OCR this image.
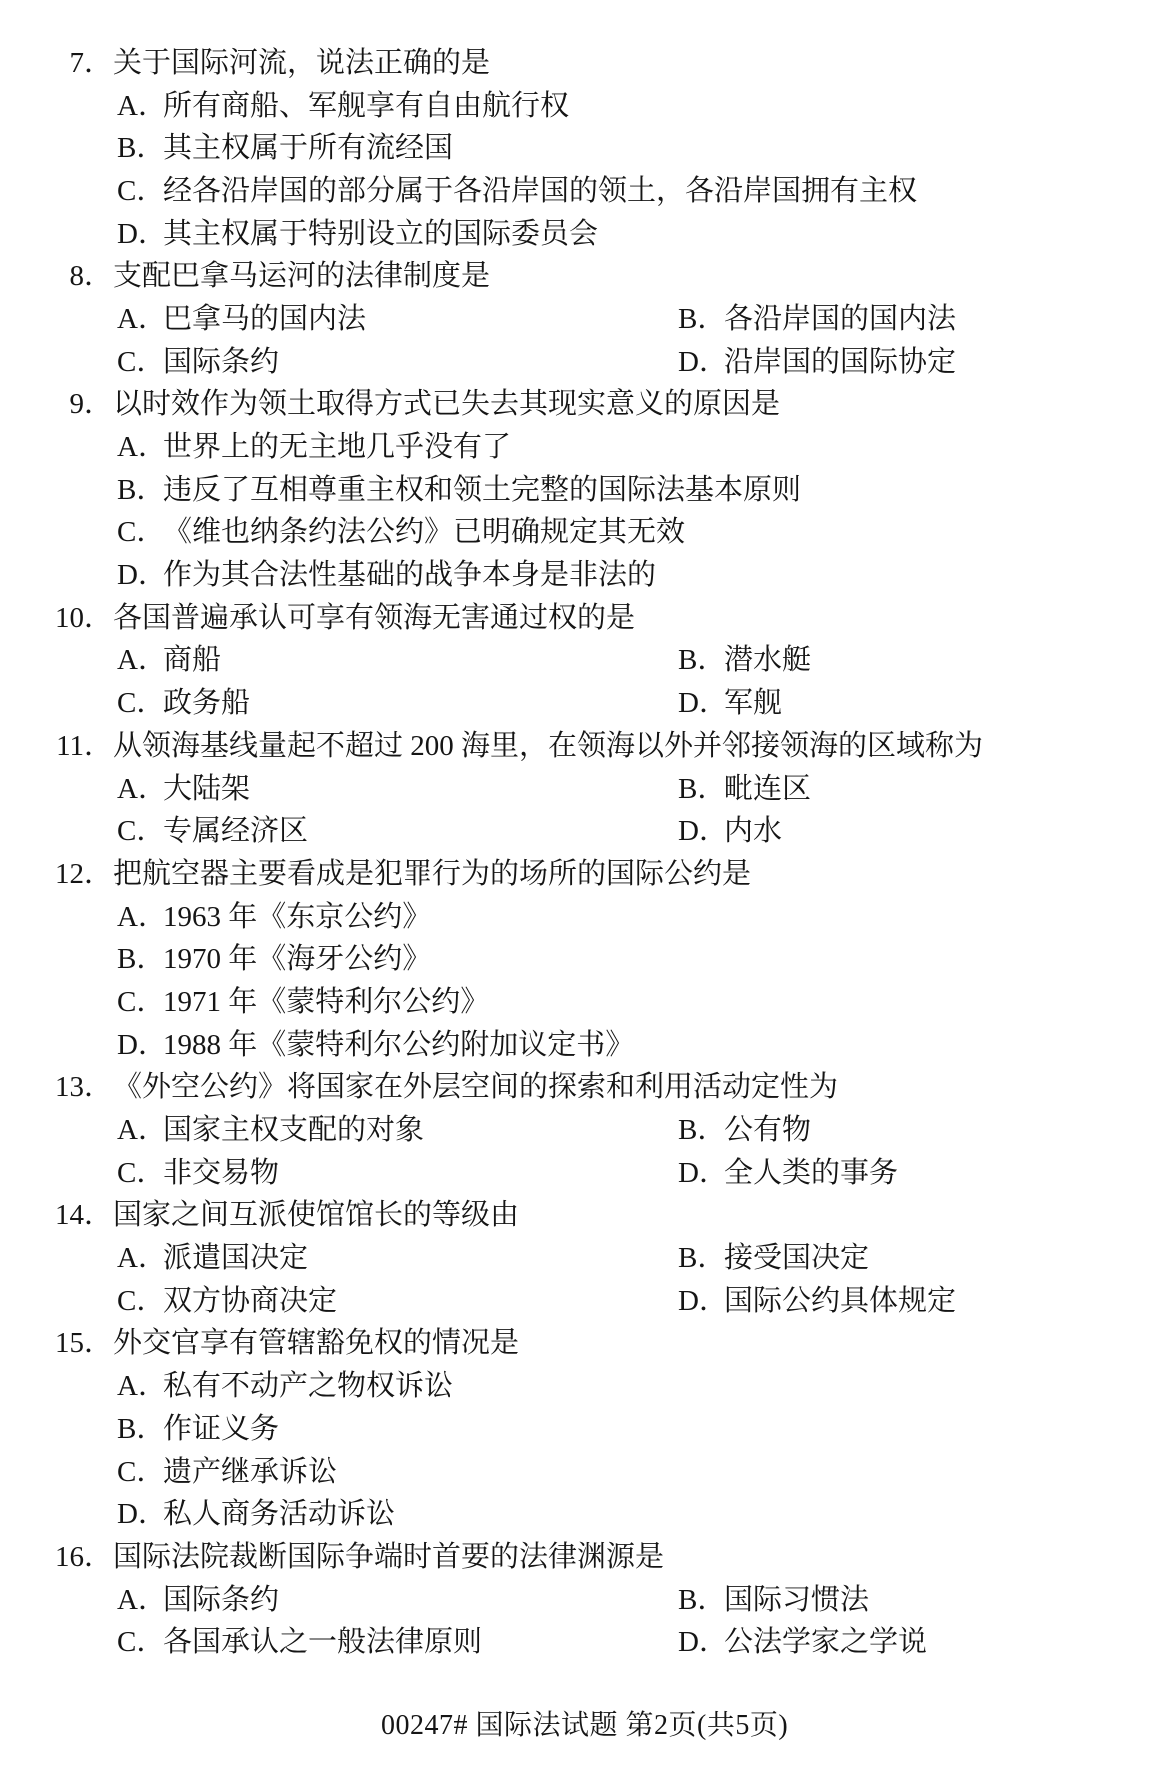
7． 关于国际河流，说法正确的是
A．
所有商船、军舰享有自由航行权
B．
其主权属于所有流经国
C．
经各沿岸国的部分属于各沿岸国的领土，各沿岸国拥有主权
D．
其主权属于特别设立的国际委员会
8． 支配巴拿马运河的法律制度是
A．
巴拿马的国内法	B．
各沿岸国的国内法
C．
国际条约	D．
沿岸国的国际协定
9． 以时效作为领土取得方式已失去其现实意义的原因是
A．
世界上的无主地几乎没有了
B．
违反了互相尊重主权和领土完整的国际法基本原则
C．
《维也纳条约法公约》已明确规定其无效
D．
作为其合法性基础的战争本身是非法的
10． 各国普遍承认可享有领海无害通过权的是
A．
商船	B．
潜水艇
C．
政务船	D．
军舰
11． 从领海基线量起不超过 200 海里，在领海以外并邻接领海的区域称为
A．
大陆架	B．
毗连区
C．
专属经济区	D．
内水
12． 把航空器主要看成是犯罪行为的场所的国际公约是
A．
1963 年《东京公约》
B．
1970 年《海牙公约》
C．
1971 年《蒙特利尔公约》
D．
1988 年《蒙特利尔公约附加议定书》
13． 《外空公约》将国家在外层空间的探索和利用活动定性为
A．
国家主权支配的对象	B．
公有物
C．
非交易物	D．
全人类的事务
14． 国家之间互派使馆馆长的等级由
A．
派遣国决定	B．
接受国决定
C．
双方协商决定	D．
国际公约具体规定
15． 外交官享有管辖豁免权的情况是
A．
私有不动产之物权诉讼
B．
作证义务
C．
遗产继承诉讼
D．
私人商务活动诉讼
16． 国际法院裁断国际争端时首要的法律渊源是
A．
国际条约	B．
国际习惯法
C．
各国承认之一般法律原则	D．
公法学家之学说
00247# 国际法试题 第2页(共5页)
